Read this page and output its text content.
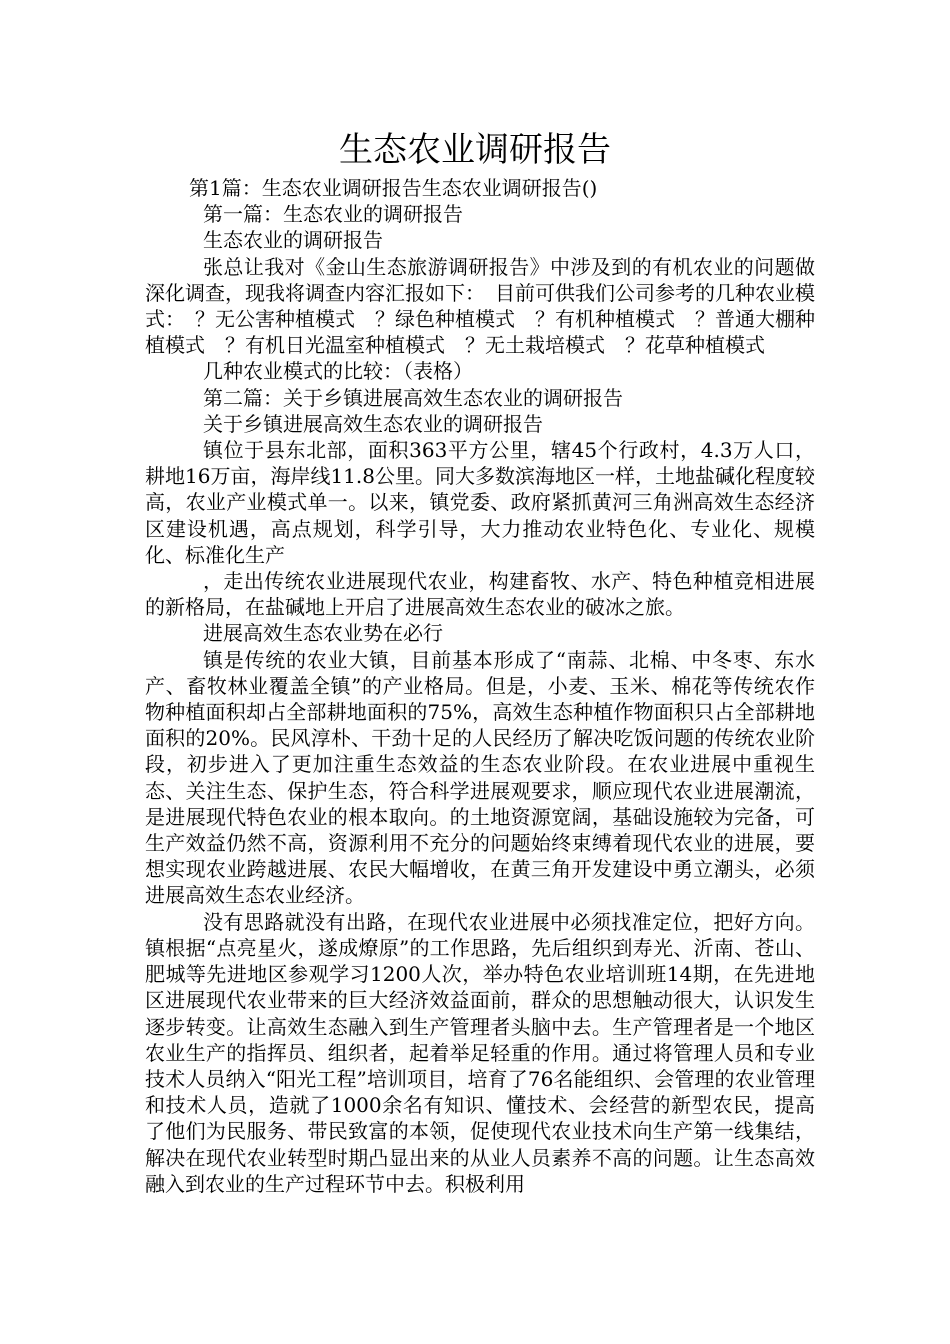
生态农业调研报告

第1篇：生态农业调研报告生态农业调研报告()

第一篇：生态农业的调研报告

生态农业的调研报告

张总让我对《金山生态旅游调研报告》中涉及到的有机农业的问题做深化调查，现我将调查内容汇报如下：　目前可供我们公司参考的几种农业模式：　？无公害种植模式　？绿色种植模式　？有机种植模式　？普通大棚种植模式　？有机日光温室种植模式　？无土栽培模式　？花草种植模式

几种农业模式的比较：（表格）

第二篇：关于乡镇进展高效生态农业的调研报告

关于乡镇进展高效生态农业的调研报告

镇位于县东北部，面积363平方公里，辖45个行政村，4.3万人口，耕地16万亩，海岸线11.8公里。同大多数滨海地区一样，土地盐碱化程度较高，农业产业模式单一。以来，镇党委、政府紧抓黄河三角洲高效生态经济区建设机遇，高点规划，科学引导，大力推动农业特色化、专业化、规模化、标准化生产

，走出传统农业进展现代农业，构建畜牧、水产、特色种植竞相进展的新格局，在盐碱地上开启了进展高效生态农业的破冰之旅。

进展高效生态农业势在必行

镇是传统的农业大镇，目前基本形成了“南蒜、北棉、中冬枣、东水产、畜牧林业覆盖全镇”的产业格局。但是，小麦、玉米、棉花等传统农作物种植面积却占全部耕地面积的75%，高效生态种植作物面积只占全部耕地面积的20%。民风淳朴、干劲十足的人民经历了解决吃饭问题的传统农业阶段，初步进入了更加注重生态效益的生态农业阶段。在农业进展中重视生态、关注生态、保护生态，符合科学进展观要求，顺应现代农业进展潮流，是进展现代特色农业的根本取向。的土地资源宽阔，基础设施较为完备，可生产效益仍然不高，资源利用不充分的问题始终束缚着现代农业的进展，要想实现农业跨越进展、农民大幅增收，在黄三角开发建设中勇立潮头，必须进展高效生态农业经济。

没有思路就没有出路，在现代农业进展中必须找准定位，把好方向。镇根据“点亮星火，遂成燎原”的工作思路，先后组织到寿光、沂南、苍山、肥城等先进地区参观学习1200人次，举办特色农业培训班14期，在先进地区进展现代农业带来的巨大经济效益面前，群众的思想触动很大，认识发生逐步转变。让高效生态融入到生产管理者头脑中去。生产管理者是一个地区农业生产的指挥员、组织者，起着举足轻重的作用。通过将管理人员和专业技术人员纳入“阳光工程”培训项目，培育了76名能组织、会管理的农业管理和技术人员，造就了1000余名有知识、懂技术、会经营的新型农民，提高了他们为民服务、带民致富的本领，促使现代农业技术向生产第一线集结，解决在现代农业转型时期凸显出来的从业人员素养不高的问题。让生态高效融入到农业的生产过程环节中去。积极利用
